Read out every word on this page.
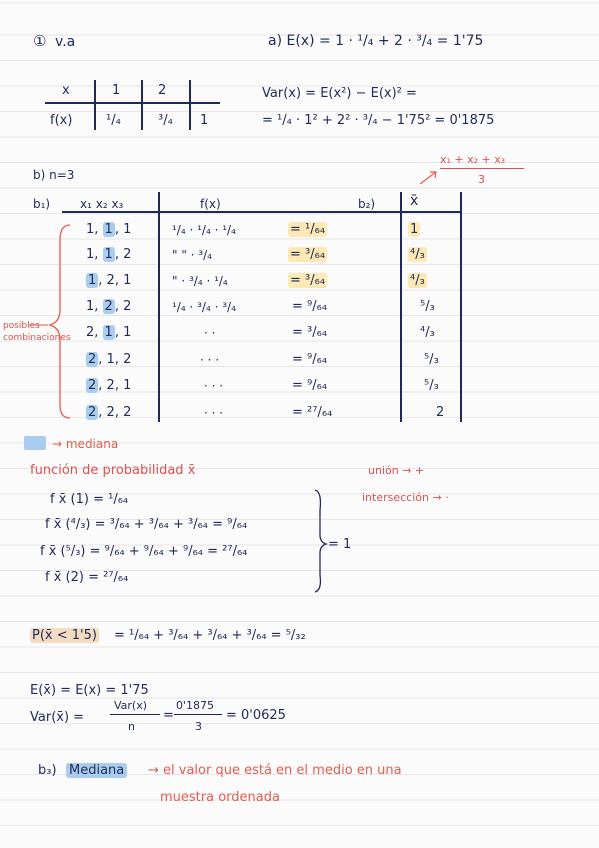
① v.a	a) E(x) = 1 · ¹/₄ + 2 · ³/₄ = 1'75
Var(x) = E(x²) − E(x)² =
= ¹/₄ · 1² + 2² · ³/₄ − 1'75² = 0'1875
x	1	2
f(x)	¹/₄	³/₄ 1
b) n=3
x₁ + x₂ + x₃
3
b₁)	b₂)
x₁ x₂ x₃	f(x)	x̄
posibles
combinaciones
1, 1 , 1	¹/₄ · ¹/₄ · ¹/₄	= ¹/₆₄	1
1, 1 , 2	" " · ³/₄	= ³/₆₄	⁴/₃
1 , 2, 1	" · ³/₄ · ¹/₄	= ³/₆₄	⁴/₃
1, 2 , 2	¹/₄ · ³/₄ · ³/₄	= ⁹/₆₄	⁵/₃
2, 1 , 1	· ·	= ³/₆₄	⁴/₃
2 , 1, 2	· · ·	= ⁹/₆₄	⁵/₃
2 , 2, 1	· · ·	= ⁹/₆₄	⁵/₃
2 , 2, 2	· · ·	= ²⁷/₆₄	2
→ mediana
función de probabilidad x̄	unión → +
intersección → ·
f x̄ (1) = ¹/₆₄
f x̄ (⁴/₃) = ³/₆₄ + ³/₆₄ + ³/₆₄ = ⁹/₆₄
f x̄ (⁵/₃) = ⁹/₆₄ + ⁹/₆₄ + ⁹/₆₄ = ²⁷/₆₄
f x̄ (2) = ²⁷/₆₄
= 1
P(x̄ < 1'5) = ¹/₆₄ + ³/₆₄ + ³/₆₄ + ³/₆₄ = ⁵/₃₂
E(x̄) = E(x) = 1'75
Var(x̄) =
Var(x)
n
=
0'1875
3
= 0'0625
b₃) Mediana → el valor que está en el medio en una
muestra ordenada
